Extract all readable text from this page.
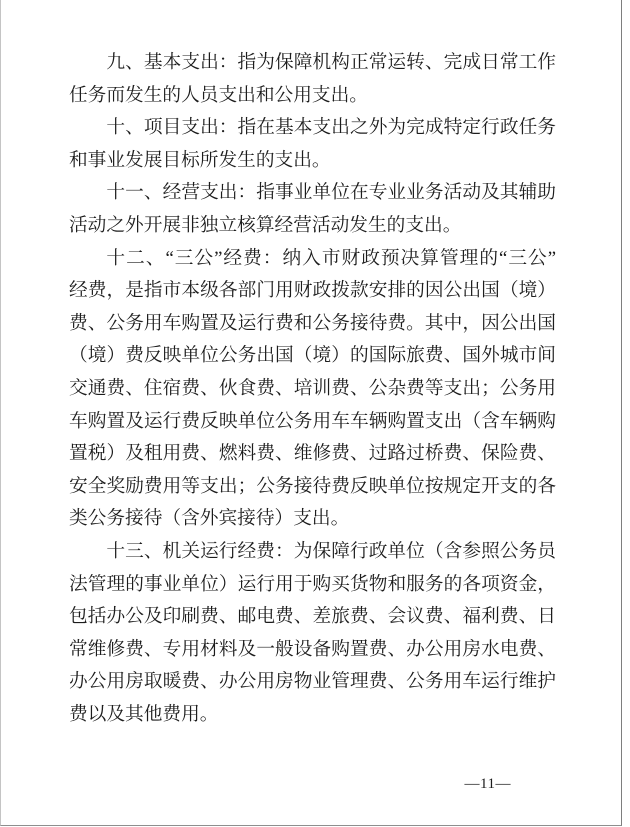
九、基本支出：指为保障机构正常运转、完成日常工作
任务而发生的人员支出和公用支出。
十、项目支出：指在基本支出之外为完成特定行政任务
和事业发展目标所发生的支出。
十一、经营支出：指事业单位在专业业务活动及其辅助
活动之外开展非独立核算经营活动发生的支出。
十二、“三公”经费：纳入市财政预决算管理的“三公”
经费，是指市本级各部门用财政拨款安排的因公出国（境）
费、公务用车购置及运行费和公务接待费。其中，因公出国
（境）费反映单位公务出国（境）的国际旅费、国外城市间
交通费、住宿费、伙食费、培训费、公杂费等支出；公务用
车购置及运行费反映单位公务用车车辆购置支出（含车辆购
置税）及租用费、燃料费、维修费、过路过桥费、保险费、
安全奖励费用等支出；公务接待费反映单位按规定开支的各
类公务接待（含外宾接待）支出。
十三、机关运行经费：为保障行政单位（含参照公务员
法管理的事业单位）运行用于购买货物和服务的各项资金，
包括办公及印刷费、邮电费、差旅费、会议费、福利费、日
常维修费、专用材料及一般设备购置费、办公用房水电费、
办公用房取暖费、办公用房物业管理费、公务用车运行维护
费以及其他费用。
—11—
